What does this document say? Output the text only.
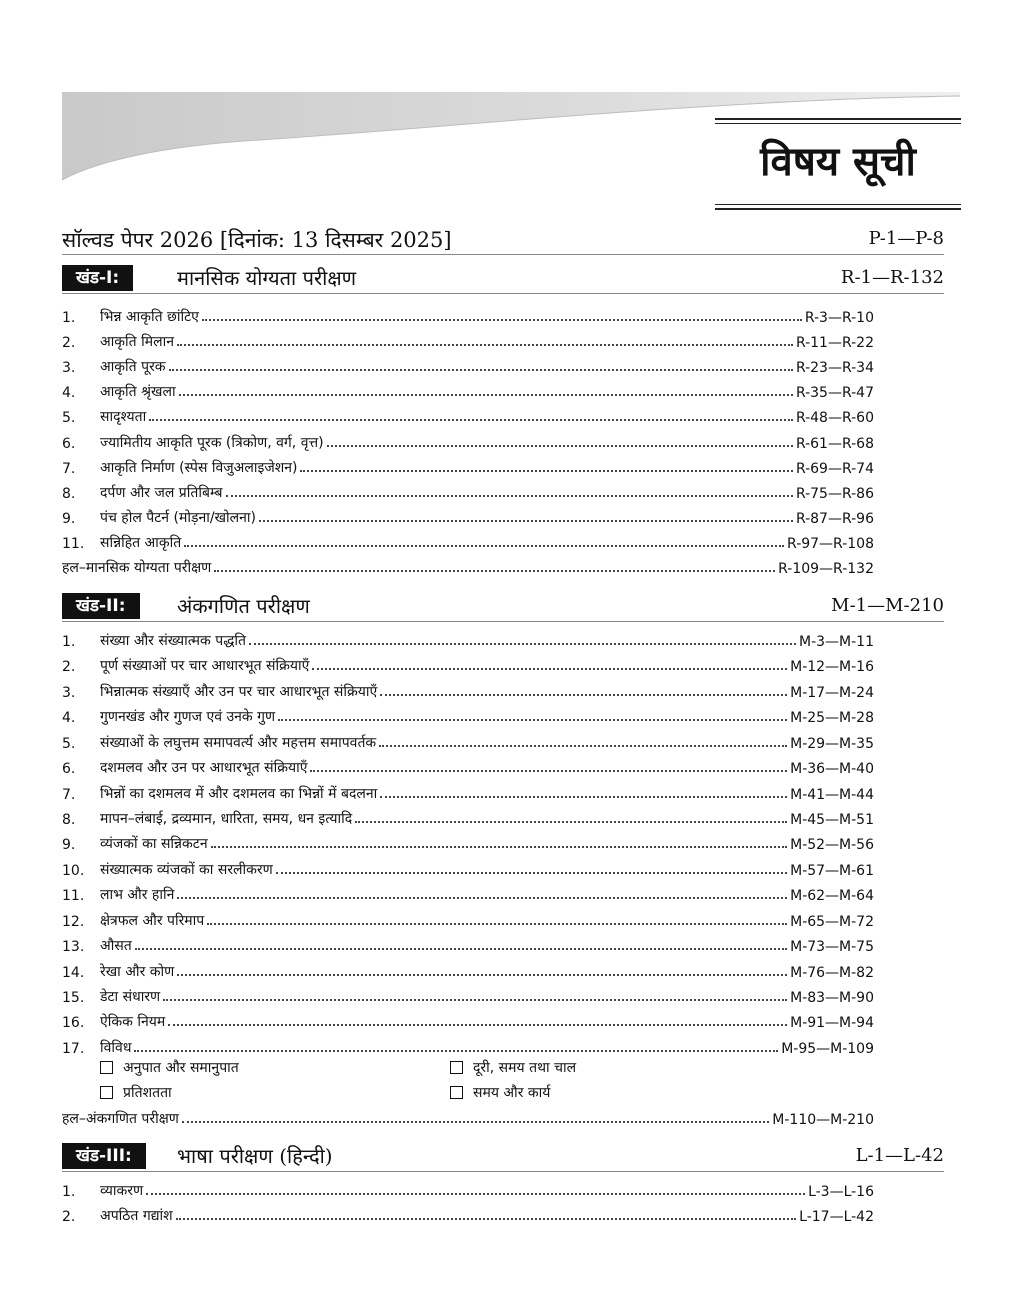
विषय सूची
सॉल्वड पेपर 2026 [दिनांक: 13 दिसम्बर 2025]	P-1—P-8
खंड-I:	मानसिक योग्यता परीक्षण	R-1—R-132
1.	भिन्न आकृति छांटिए	R-3—R-10
2.	आकृति मिलान	R-11—R-22
3.	आकृति पूरक	R-23—R-34
4.	आकृति श्रृंखला	R-35—R-47
5.	सादृश्यता	R-48—R-60
6.	ज्यामितीय आकृति पूरक (त्रिकोण, वर्ग, वृत्त)	R-61—R-68
7.	आकृति निर्माण (स्पेस विजुअलाइजेशन)	R-69—R-74
8.	दर्पण और जल प्रतिबिम्ब	R-75—R-86
9.	पंच होल पैटर्न (मोड़ना/खोलना)	R-87—R-96
11.	सन्निहित आकृति	R-97—R-108
हल–मानसिक योग्यता परीक्षण	R-109—R-132
खंड-II:	अंकगणित परीक्षण	M-1—M-210
1.	संख्या और संख्यात्मक पद्धति	M-3—M-11
2.	पूर्ण संख्याओं पर चार आधारभूत संक्रियाएँ	M-12—M-16
3.	भिन्नात्मक संख्याएँ और उन पर चार आधारभूत संक्रियाएँ	M-17—M-24
4.	गुणनखंड और गुणज एवं उनके गुण	M-25—M-28
5.	संख्याओं के लघुत्तम समापवर्त्य और महत्तम समापवर्तक	M-29—M-35
6.	दशमलव और उन पर आधारभूत संक्रियाएँ	M-36—M-40
7.	भिन्नों का दशमलव में और दशमलव का भिन्नों में बदलना	M-41—M-44
8.	मापन–लंबाई, द्रव्यमान, धारिता, समय, धन इत्यादि	M-45—M-51
9.	व्यंजकों का सन्निकटन	M-52—M-56
10.	संख्यात्मक व्यंजकों का सरलीकरण	M-57—M-61
11.	लाभ और हानि	M-62—M-64
12.	क्षेत्रफल और परिमाप	M-65—M-72
13.	औसत	M-73—M-75
14.	रेखा और कोण	M-76—M-82
15.	डेटा संधारण	M-83—M-90
16.	ऐकिक नियम	M-91—M-94
17.	विविध	M-95—M-109
अनुपात और समानुपात	दूरी, समय तथा चाल
प्रतिशतता	समय और कार्य
हल–अंकगणित परीक्षण	M-110—M-210
खंड-III:	भाषा परीक्षण (हिन्दी)	L-1—L-42
1.	व्याकरण	L-3—L-16
2.	अपठित गद्यांश	L-17—L-42
